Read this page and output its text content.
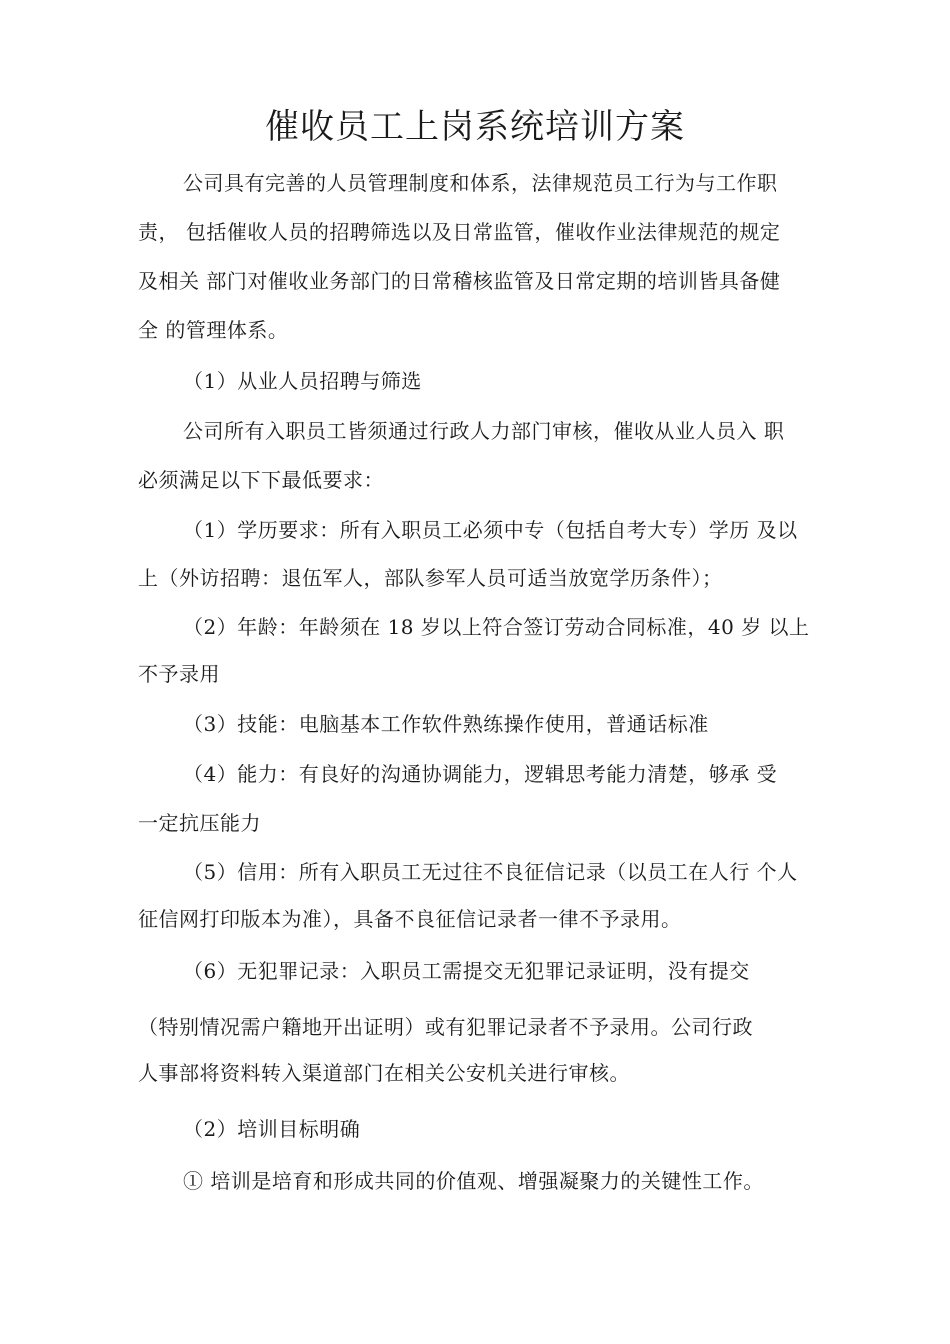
催收员工上岗系统培训方案
公司具有完善的人员管理制度和体系，法律规范员工行为与工作职
责， 包括催收人员的招聘筛选以及日常监管，催收作业法律规范的规定
及相关 部门对催收业务部门的日常稽核监管及日常定期的培训皆具备健
全 的管理体系。
（1）从业人员招聘与筛选
公司所有入职员工皆须通过行政人力部门审核，催收从业人员入 职
必须满足以下下最低要求：
（1）学历要求：所有入职员工必须中专（包括自考大专）学历 及以
上（外访招聘：退伍军人，部队参军人员可适当放宽学历条件）；
（2）年龄：年龄须在 18 岁以上符合签订劳动合同标准，40 岁 以上
不予录用
（3）技能：电脑基本工作软件熟练操作使用，普通话标准
（4）能力：有良好的沟通协调能力，逻辑思考能力清楚，够承 受
一定抗压能力
（5）信用：所有入职员工无过往不良征信记录（以员工在人行 个人
征信网打印版本为准），具备不良征信记录者一律不予录用。
（6）无犯罪记录：入职员工需提交无犯罪记录证明，没有提交
（特别情况需户籍地开出证明）或有犯罪记录者不予录用。公司行政
人事部将资料转入渠道部门在相关公安机关进行审核。
（2）培训目标明确
① 培训是培育和形成共同的价值观、增强凝聚力的关键性工作。
